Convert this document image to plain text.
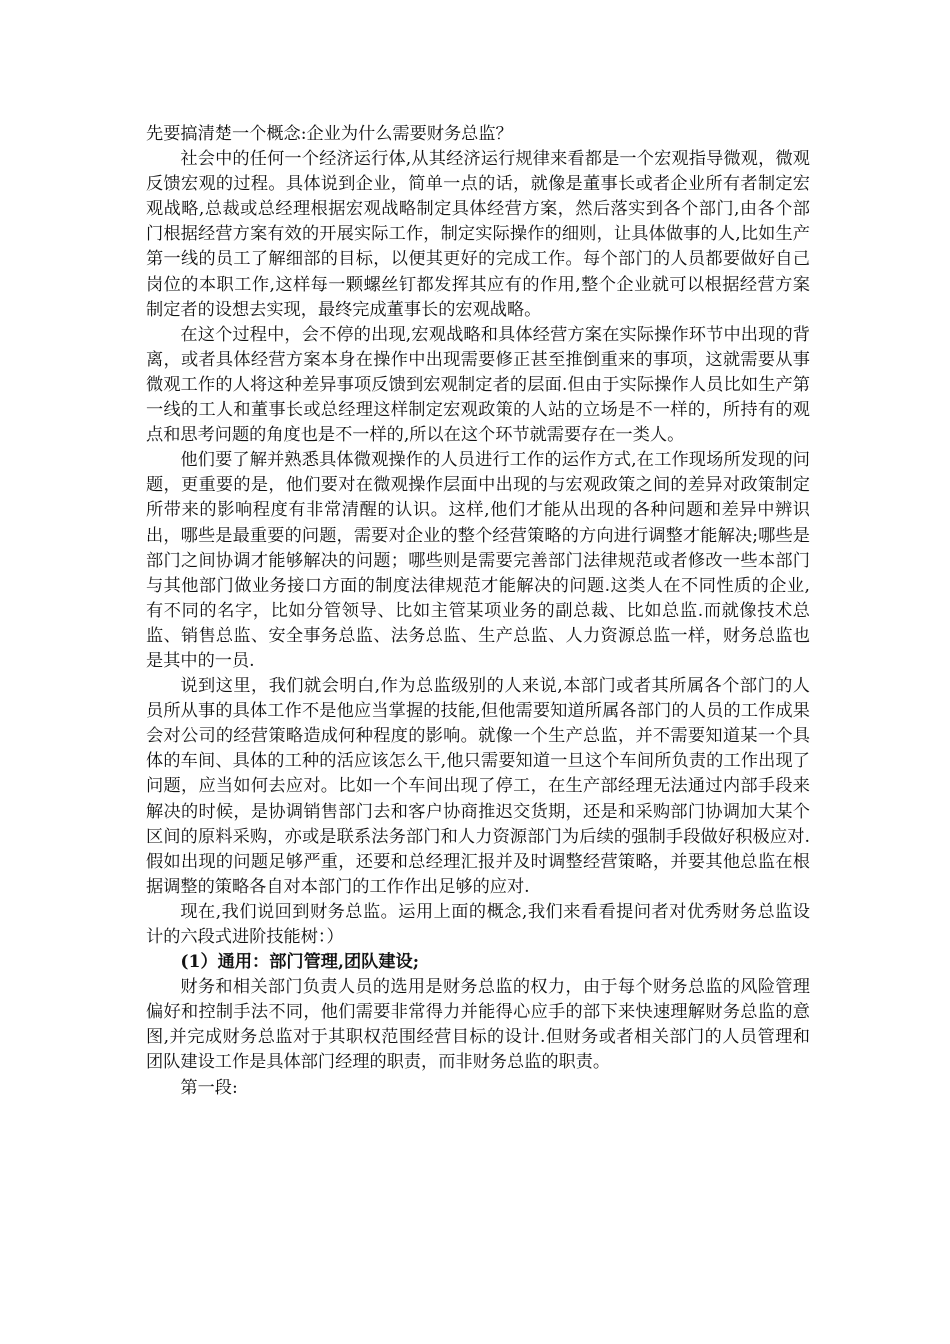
先要搞清楚一个概念:企业为什么需要财务总监？

社会中的任何一个经济运行体,从其经济运行规律来看都是一个宏观指导微观，微观反馈宏观的过程。具体说到企业，简单一点的话，就像是董事长或者企业所有者制定宏观战略,总裁或总经理根据宏观战略制定具体经营方案，然后落实到各个部门,由各个部门根据经营方案有效的开展实际工作，制定实际操作的细则，让具体做事的人,比如生产第一线的员工了解细部的目标，以便其更好的完成工作。每个部门的人员都要做好自己岗位的本职工作,这样每一颗螺丝钉都发挥其应有的作用,整个企业就可以根据经营方案制定者的设想去实现，最终完成董事长的宏观战略。

在这个过程中，会不停的出现,宏观战略和具体经营方案在实际操作环节中出现的背离，或者具体经营方案本身在操作中出现需要修正甚至推倒重来的事项，这就需要从事微观工作的人将这种差异事项反馈到宏观制定者的层面.但由于实际操作人员比如生产第一线的工人和董事长或总经理这样制定宏观政策的人站的立场是不一样的，所持有的观点和思考问题的角度也是不一样的,所以在这个环节就需要存在一类人。

他们要了解并熟悉具体微观操作的人员进行工作的运作方式,在工作现场所发现的问题，更重要的是，他们要对在微观操作层面中出现的与宏观政策之间的差异对政策制定所带来的影响程度有非常清醒的认识。这样,他们才能从出现的各种问题和差异中辨识出，哪些是最重要的问题，需要对企业的整个经营策略的方向进行调整才能解决;哪些是部门之间协调才能够解决的问题；哪些则是需要完善部门法律规范或者修改一些本部门与其他部门做业务接口方面的制度法律规范才能解决的问题.这类人在不同性质的企业,有不同的名字，比如分管领导、比如主管某项业务的副总裁、比如总监.而就像技术总监、销售总监、安全事务总监、法务总监、生产总监、人力资源总监一样，财务总监也是其中的一员.

说到这里，我们就会明白,作为总监级别的人来说,本部门或者其所属各个部门的人员所从事的具体工作不是他应当掌握的技能,但他需要知道所属各部门的人员的工作成果会对公司的经营策略造成何种程度的影响。就像一个生产总监，并不需要知道某一个具体的车间、具体的工种的活应该怎么干,他只需要知道一旦这个车间所负责的工作出现了问题，应当如何去应对。比如一个车间出现了停工，在生产部经理无法通过内部手段来解决的时候，是协调销售部门去和客户协商推迟交货期，还是和采购部门协调加大某个区间的原料采购，亦或是联系法务部门和人力资源部门为后续的强制手段做好积极应对.假如出现的问题足够严重，还要和总经理汇报并及时调整经营策略，并要其他总监在根据调整的策略各自对本部门的工作作出足够的应对.

现在,我们说回到财务总监。运用上面的概念,我们来看看提问者对优秀财务总监设计的六段式进阶技能树：）

(1）通用：部门管理,团队建设;

财务和相关部门负责人员的选用是财务总监的权力，由于每个财务总监的风险管理偏好和控制手法不同，他们需要非常得力并能得心应手的部下来快速理解财务总监的意图,并完成财务总监对于其职权范围经营目标的设计.但财务或者相关部门的人员管理和团队建设工作是具体部门经理的职责，而非财务总监的职责。

第一段:
